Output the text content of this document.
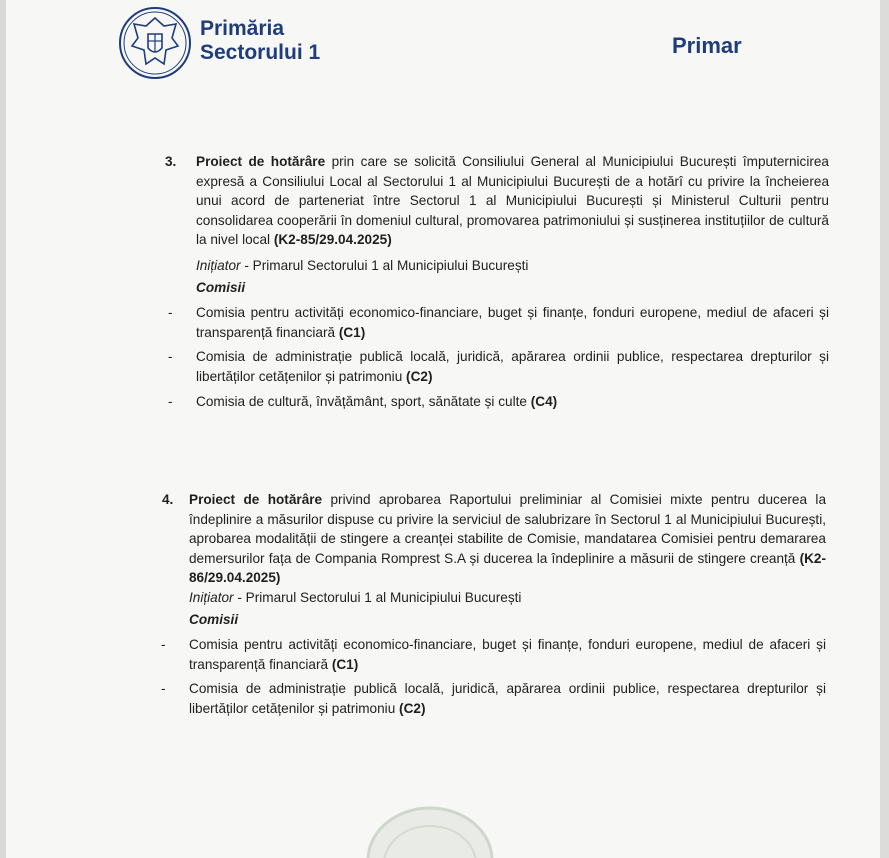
Primăria
Sectorului 1	Primar
3. Proiect de hotărâre prin care se solicită Consiliului General al Municipiului București împuternicirea expresă a Consiliului Local al Sectorului 1 al Municipiului București de a hotărî cu privire la încheierea unui acord de parteneriat între Sectorul 1 al Municipiului București și Ministerul Culturii pentru consolidarea cooperării în domeniul cultural, promovarea patrimoniului și susținerea instituțiilor de cultură la nivel local (K2-85/29.04.2025)
Inițiator - Primarul Sectorului 1 al Municipiului București
Comisii
- Comisia pentru activități economico-financiare, buget și finanțe, fonduri europene, mediul de afaceri și transparență financiară (C1)
- Comisia de administrație publică locală, juridică, apărarea ordinii publice, respectarea drepturilor și libertăților cetățenilor și patrimoniu (C2)
- Comisia de cultură, învățământ, sport, sănătate și culte (C4)
4. Proiect de hotărâre privind aprobarea Raportului preliminiar al Comisiei mixte pentru ducerea la îndeplinire a măsurilor dispuse cu privire la serviciul de salubrizare în Sectorul 1 al Municipiului București, aprobarea modalității de stingere a creanței stabilite de Comisie, mandatarea Comisiei pentru demararea demersurilor fața de Compania Romprest S.A și ducerea la îndeplinire a măsurii de stingere creanță (K2-86/29.04.2025)
Inițiator - Primarul Sectorului 1 al Municipiului București
Comisii
- Comisia pentru activități economico-financiare, buget și finanțe, fonduri europene, mediul de afaceri și transparență financiară (C1)
- Comisia de administrație publică locală, juridică, apărarea ordinii publice, respectarea drepturilor și libertăților cetățenilor și patrimoniu (C2)
